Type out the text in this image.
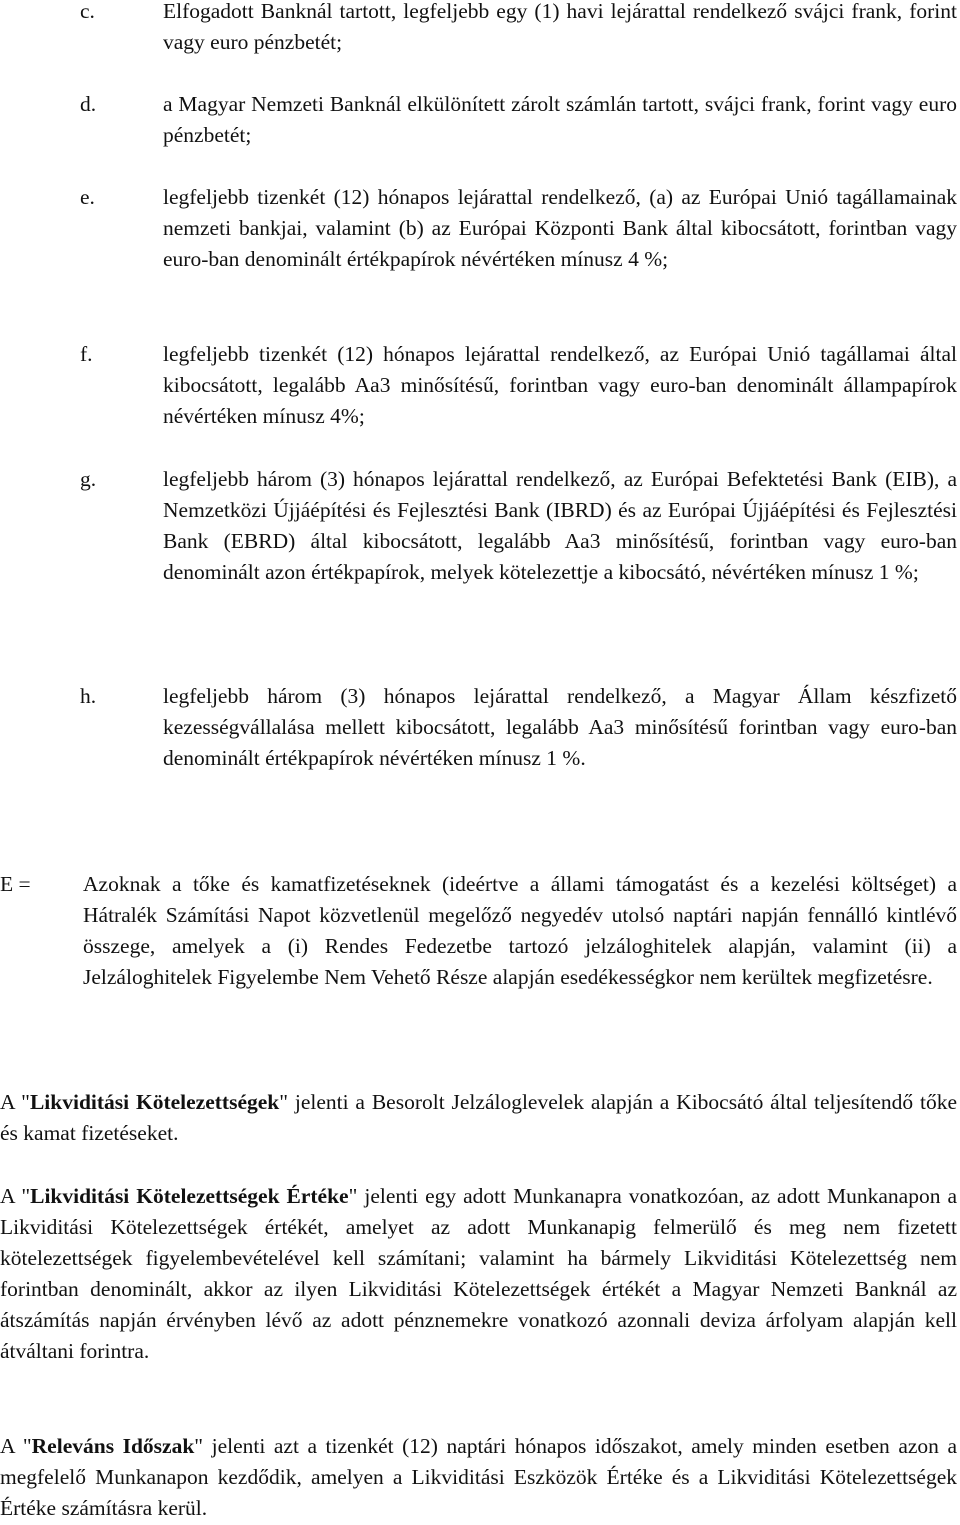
c.	Elfogadott Banknál tartott, legfeljebb egy (1) havi lejárattal rendelkező svájci frank, forint vagy euro pénzbetét;
d.	a Magyar Nemzeti Banknál elkülönített zárolt számlán tartott, svájci frank, forint vagy euro pénzbetét;
e.	legfeljebb tizenkét (12) hónapos lejárattal rendelkező, (a) az Európai Unió tagállamainak nemzeti bankjai, valamint (b) az Európai Központi Bank által kibocsátott, forintban vagy euro-ban denominált értékpapírok névértéken mínusz 4 %;
f.	legfeljebb tizenkét (12) hónapos lejárattal rendelkező, az Európai Unió tagállamai által kibocsátott, legalább Aa3 minősítésű, forintban vagy euro-ban denominált állampapírok névértéken mínusz 4%;
g.	legfeljebb három (3) hónapos lejárattal rendelkező, az Európai Befektetési Bank (EIB), a Nemzetközi Újjáépítési és Fejlesztési Bank (IBRD) és az Európai Újjáépítési és Fejlesztési Bank (EBRD) által kibocsátott, legalább Aa3 minősítésű, forintban vagy euro-ban denominált azon értékpapírok, melyek kötelezettje a kibocsátó, névértéken mínusz 1 %;
h.	legfeljebb három (3) hónapos lejárattal rendelkező, a Magyar Állam készfizető kezességvállalása mellett kibocsátott, legalább Aa3 minősítésű forintban vagy euro-ban denominált értékpapírok névértéken mínusz 1 %.
E = Azoknak a tőke és kamatfizetéseknek (ideértve a állami támogatást és a kezelési költséget) a Hátralék Számítási Napot közvetlenül megelőző negyedév utolsó naptári napján fennálló kintlévő összege, amelyek a (i) Rendes Fedezetbe tartozó jelzáloghitelek alapján, valamint (ii) a Jelzáloghitelek Figyelembe Nem Vehető Része alapján esedékességkor nem kerültek megfizetésre.
A "Likviditási Kötelezettségek" jelenti a Besorolt Jelzáloglevelek alapján a Kibocsátó által teljesítendő tőke és kamat fizetéseket.
A "Likviditási Kötelezettségek Értéke" jelenti egy adott Munkanapra vonatkozóan, az adott Munkanapon a Likviditási Kötelezettségek értékét, amelyet az adott Munkanapig felmerülő és meg nem fizetett kötelezettségek figyelembevételével kell számítani; valamint ha bármely Likviditási Kötelezettség nem forintban denominált, akkor az ilyen Likviditási Kötelezettségek értékét a Magyar Nemzeti Banknál az átszámítás napján érvényben lévő az adott pénznemekre vonatkozó azonnali deviza árfolyam alapján kell átváltani forintra.
A "Releváns Időszak" jelenti azt a tizenkét (12) naptári hónapos időszakot, amely minden esetben azon a megfelelő Munkanapon kezdődik, amelyen a Likviditási Eszközök Értéke és a Likviditási Kötelezettségek Értéke számításra kerül.
